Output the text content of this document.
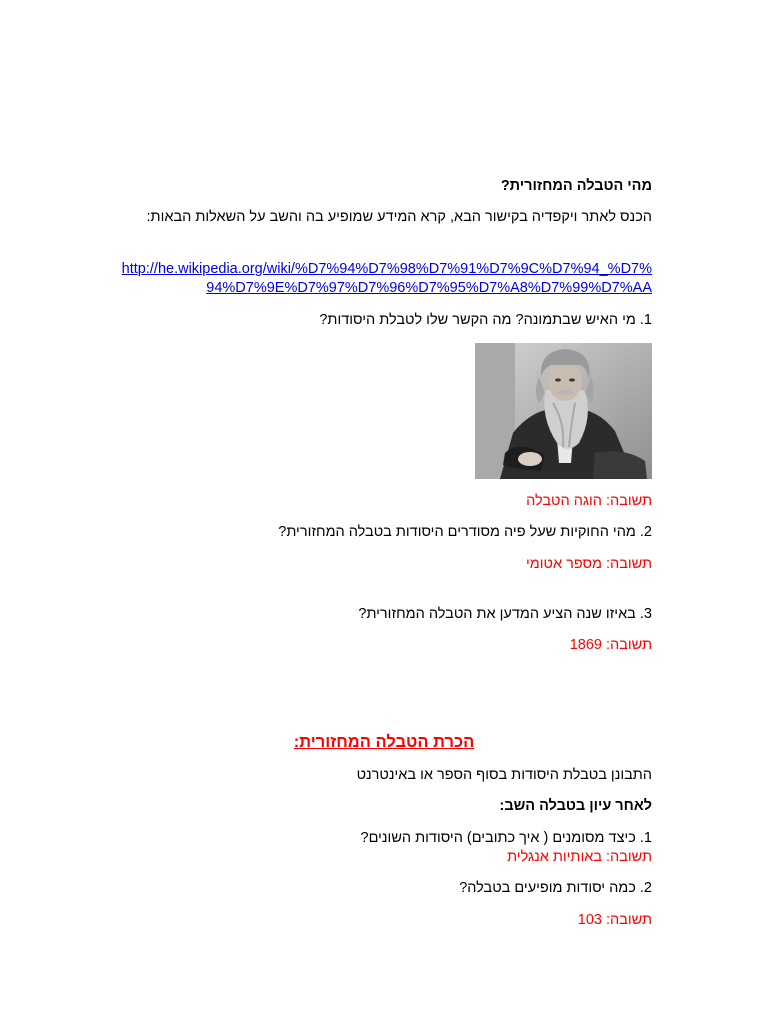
מהי הטבלה המחזורית?

הכנס לאתר ויקפדיה בקישור הבא, קרא המידע שמופיע בה והשב על השאלות הבאות:

http://he.wikipedia.org/wiki/%D7%94%D7%98%D7%91%D7%9C%D7%94_%D7%94%D7%9E%D7%97%D7%96%D7%95%D7%A8%D7%99%D7%AA

1. מי האיש שבתמונה? מה הקשר שלו לטבלת היסודות?

תשובה: הוגה הטבלה

2. מהי החוקיות שעל פיה מסודרים היסודות בטבלה המחזורית?

תשובה: מספר אטומי

3. באיזו שנה הציע המדען את הטבלה המחזורית?

תשובה: 1869

הכרת הטבלה המחזורית:

התבונן בטבלת היסודות בסוף הספר או באינטרנט

לאחר עיון בטבלה השב:

1. כיצד מסומנים ( איך כתובים) היסודות השונים?

תשובה: באותיות אנגלית

2. כמה יסודות מופיעים בטבלה?

תשובה: 103
